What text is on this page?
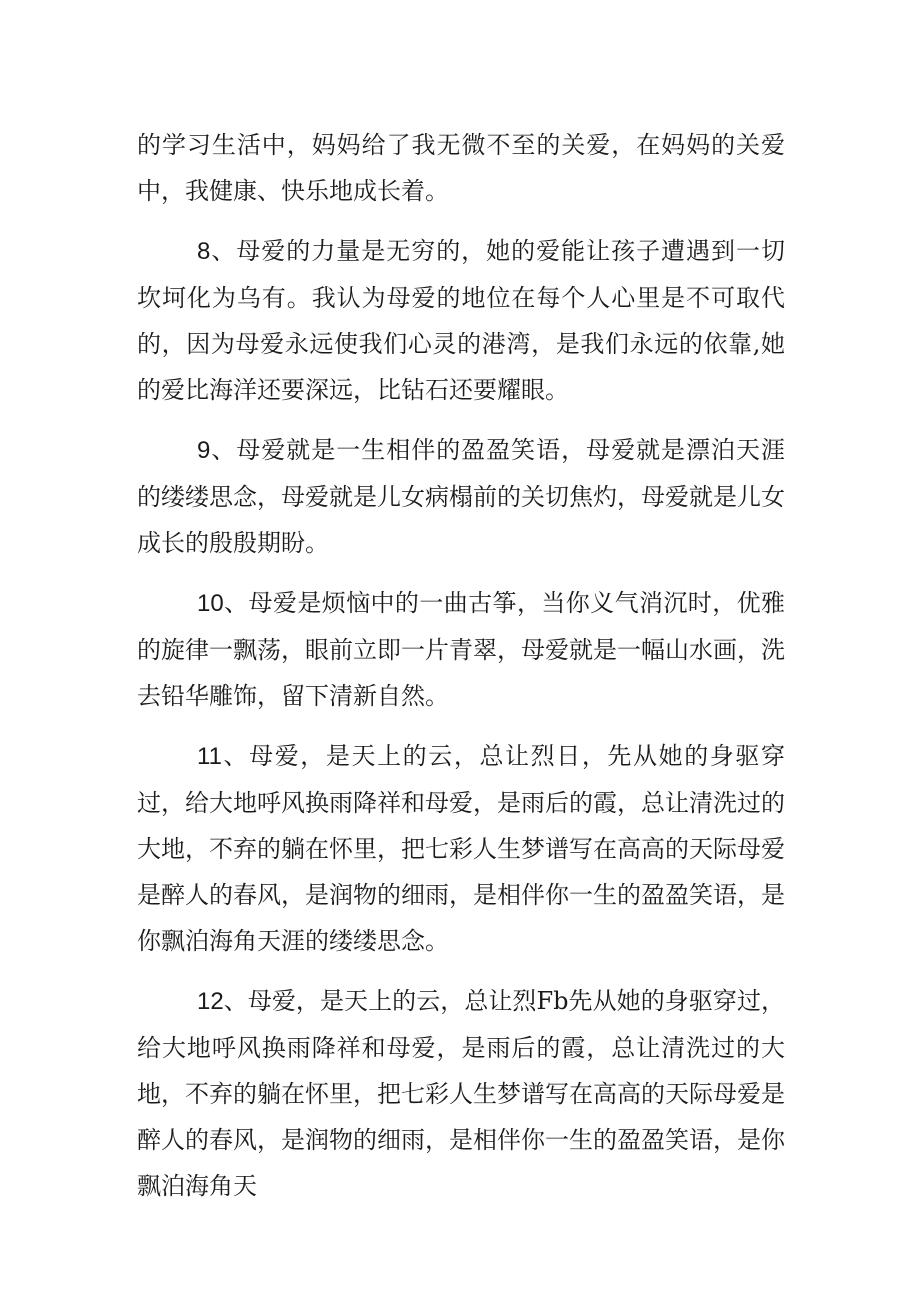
的学习生活中，妈妈给了我无微不至的关爱，在妈妈的关爱中，我健康、快乐地成长着。

8、母爱的力量是无穷的，她的爱能让孩子遭遇到一切坎坷化为乌有。我认为母爱的地位在每个人心里是不可取代的，因为母爱永远使我们心灵的港湾，是我们永远的依靠,她的爱比海洋还要深远，比钻石还要耀眼。

9、母爱就是一生相伴的盈盈笑语，母爱就是漂泊天涯的缕缕思念，母爱就是儿女病榻前的关切焦灼，母爱就是儿女成长的殷殷期盼。

10、母爱是烦恼中的一曲古筝，当你义气消沉时，优雅的旋律一飘荡，眼前立即一片青翠，母爱就是一幅山水画，洗去铅华雕饰，留下清新自然。

11、母爱，是天上的云，总让烈日，先从她的身驱穿过，给大地呼风换雨降祥和母爱，是雨后的霞，总让清洗过的大地，不弃的躺在怀里，把七彩人生梦谱写在高高的天际母爱是醉人的春风，是润物的细雨，是相伴你一生的盈盈笑语，是你飘泊海角天涯的缕缕思念。

12、母爱，是天上的云，总让烈Fb先从她的身驱穿过，给大地呼风换雨降祥和母爱，是雨后的霞，总让清洗过的大地，不弃的躺在怀里，把七彩人生梦谱写在高高的天际母爱是醉人的春风，是润物的细雨，是相伴你一生的盈盈笑语，是你飘泊海角天
